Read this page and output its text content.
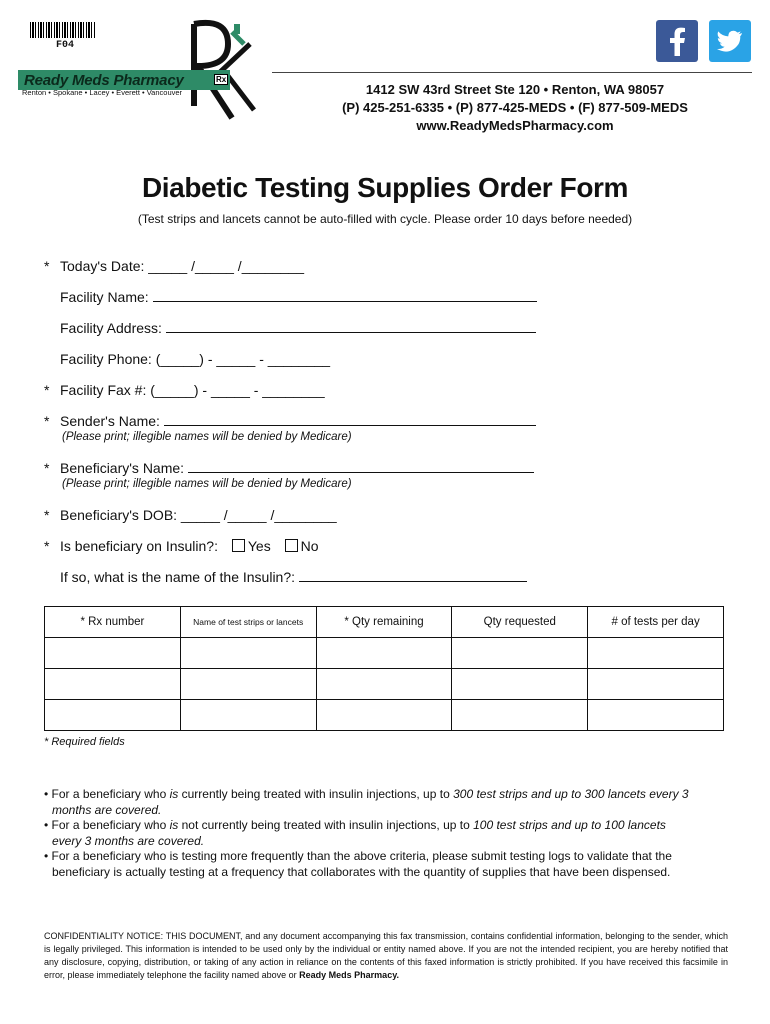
F04
Ready Meds Pharmacy	Rx
Renton • Spokane • Lacey • Everett • Vancouver	1412 SW 43rd Street Ste 120 • Renton, WA 98057
(P) 425-251-6335 • (P) 877-425-MEDS • (F) 877-509-MEDS
www.ReadyMedsPharmacy.com
Diabetic Testing Supplies Order Form
(Test strips and lancets cannot be auto-filled with cycle. Please order 10 days before needed)
* Today's Date: _____ /_____ /________
Facility Name:
Facility Address:
Facility Phone: (_____) - _____ - ________
* Facility Fax #: (_____) - _____ - ________
* Sender's Name:
(Please print; illegible names will be denied by Medicare)
* Beneficiary's Name:
(Please print; illegible names will be denied by Medicare)
* Beneficiary's DOB: _____ /_____ /________
* Is beneficiary on Insulin?: Yes No
If so, what is the name of the Insulin?:
* Rx number	Name of test strips or lancets	* Qty remaining	Qty requested	# of tests per day

* Required fields
• For a beneficiary who is currently being treated with insulin injections, up to 300 test strips and up to 300 lancets every 3
months are covered.
• For a beneficiary who is not currently being treated with insulin injections, up to 100 test strips and up to 100 lancets
every 3 months are covered.
• For a beneficiary who is testing more frequently than the above criteria, please submit testing logs to validate that the
beneficiary is actually testing at a frequency that collaborates with the quantity of supplies that have been dispensed.
CONFIDENTIALITY NOTICE: THIS DOCUMENT, and any document accompanying this fax transmission, contains confidential information, belonging to the sender, which is legally privileged. This information is intended to be used only by the individual or entity named above. If you are not the intended recipient, you are hereby notified that any disclosure, copying, distribution, or taking of any action in reliance on the contents of this faxed information is strictly prohibited. If you have received this facsimile in error, please immediately telephone the facility named above or Ready Meds Pharmacy.
